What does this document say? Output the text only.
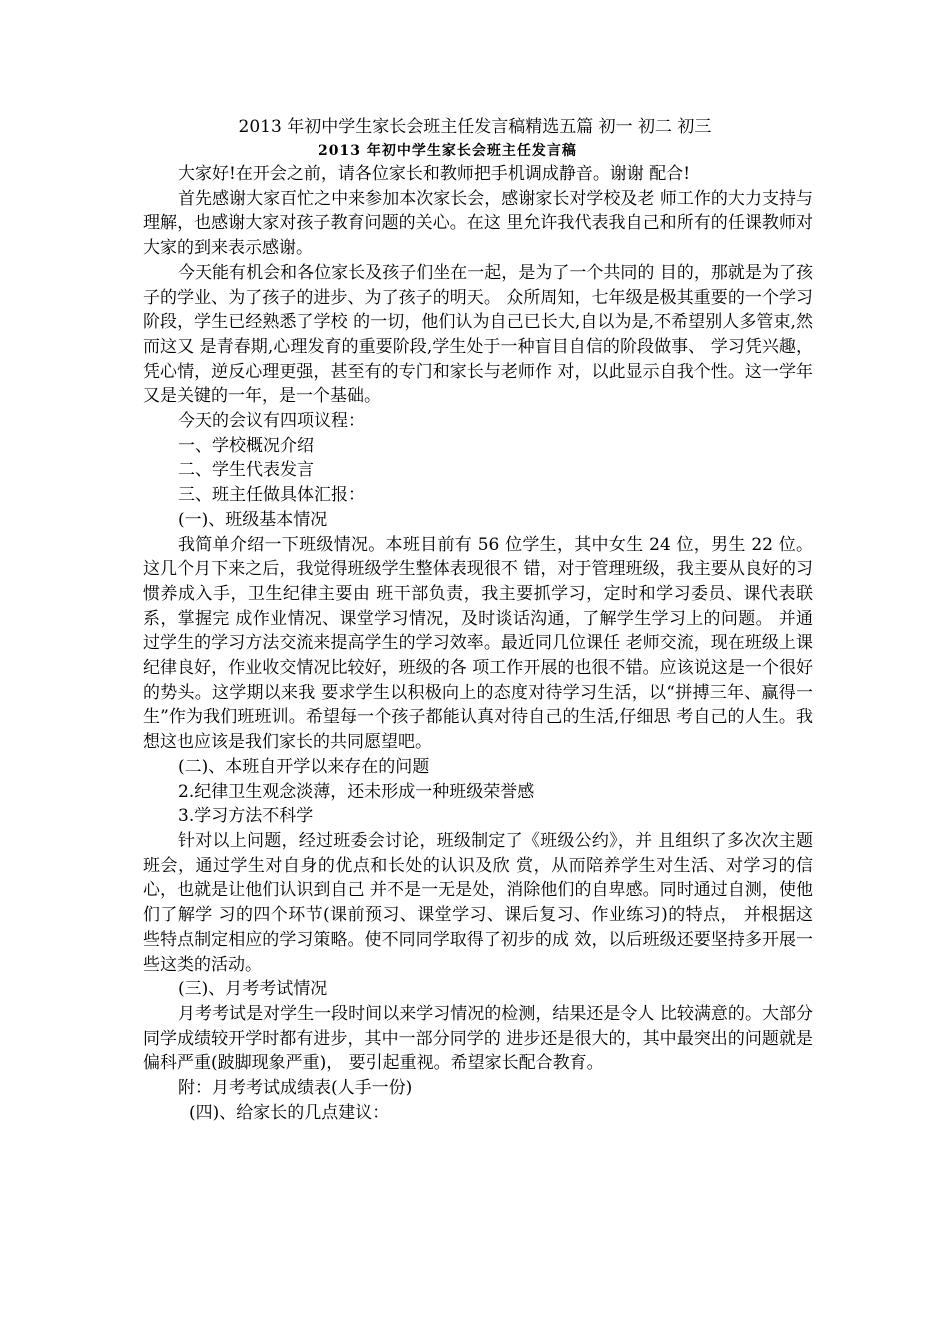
2013 年初中学生家长会班主任发言稿精选五篇 初一 初二 初三
2013 年初中学生家长会班主任发言稿

大家好!在开会之前，请各位家长和教师把手机调成静音。谢谢 配合!

首先感谢大家百忙之中来参加本次家长会，感谢家长对学校及老 师工作的大力支持与理解，也感谢大家对孩子教育问题的关心。在这 里允许我代表我自己和所有的任课教师对大家的到来表示感谢。

今天能有机会和各位家长及孩子们坐在一起，是为了一个共同的 目的，那就是为了孩子的学业、为了孩子的进步、为了孩子的明天。 众所周知，七年级是极其重要的一个学习阶段，学生已经熟悉了学校 的一切，他们认为自己已长大,自以为是,不希望别人多管束,然而这又 是青春期,心理发育的重要阶段,学生处于一种盲目自信的阶段做事、 学习凭兴趣，凭心情，逆反心理更强，甚至有的专门和家长与老师作 对，以此显示自我个性。这一学年又是关键的一年，是一个基础。

今天的会议有四项议程：

一、学校概况介绍

二、学生代表发言

三、班主任做具体汇报：

(一)、班级基本情况

我简单介绍一下班级情况。本班目前有 56 位学生，其中女生 24 位，男生 22 位。这几个月下来之后，我觉得班级学生整体表现很不 错，对于管理班级，我主要从良好的习惯养成入手，卫生纪律主要由 班干部负责，我主要抓学习，定时和学习委员、课代表联系，掌握完 成作业情况、课堂学习情况，及时谈话沟通，了解学生学习上的问题。 并通过学生的学习方法交流来提高学生的学习效率。最近同几位课任 老师交流，现在班级上课纪律良好，作业收交情况比较好，班级的各 项工作开展的也很不错。应该说这是一个很好的势头。这学期以来我 要求学生以积极向上的态度对待学习生活，以“拼搏三年、赢得一生”作为我们班班训。希望每一个孩子都能认真对待自己的生活,仔细思 考自己的人生。我想这也应该是我们家长的共同愿望吧。

(二)、本班自开学以来存在的问题

2.纪律卫生观念淡薄，还未形成一种班级荣誉感

3.学习方法不科学

针对以上问题，经过班委会讨论，班级制定了《班级公约》，并 且组织了多次次主题班会，通过学生对自身的优点和长处的认识及欣 赏，从而陪养学生对生活、对学习的信心，也就是让他们认识到自己 并不是一无是处，消除他们的自卑感。同时通过自测，使他们了解学 习的四个环节(课前预习、课堂学习、课后复习、作业练习)的特点， 并根据这些特点制定相应的学习策略。使不同同学取得了初步的成 效，以后班级还要坚持多开展一些这类的活动。

(三)、月考考试情况

月考考试是对学生一段时间以来学习情况的检测，结果还是令人 比较满意的。大部分同学成绩较开学时都有进步，其中一部分同学的 进步还是很大的，其中最突出的问题就是偏科严重(跛脚现象严重)， 要引起重视。希望家长配合教育。

附：月考考试成绩表(人手一份)

(四)、给家长的几点建议：
